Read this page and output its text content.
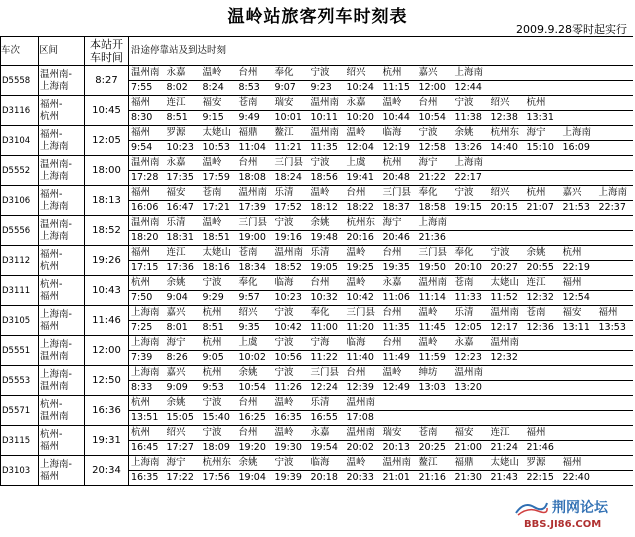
温岭站旅客列车时刻表
2009.9.28零时起实行
车次	区间	本站开
车时间	沿途停靠站及到达时刻													
D5558	温州南-
上海南	8:27	温州南	永嘉	温岭	台州	奉化	宁波	绍兴	杭州	嘉兴	上海南				
			7:55	8:02	8:24	8:53	9:07	9:23	10:24	11:15	12:00	12:44				
D3116	福州-
杭州	10:45	福州	连江	福安	苍南	瑞安	温州南	永嘉	温岭	台州	宁波	绍兴	杭州		
			8:30	8:51	9:15	9:49	10:01	10:11	10:20	10:44	10:54	11:38	12:38	13:31		
D3104	福州-
上海南	12:05	福州	罗源	太姥山	福鼎	鳌江	温州南	温岭	临海	宁波	余姚	杭州东	海宁	上海南	
			9:54	10:23	10:53	11:04	11:21	11:35	12:04	12:19	12:58	13:26	14:40	15:10	16:09	
D5552	温州南-
上海南	18:00	温州南	永嘉	温岭	台州	三门县	宁波	上虞	杭州	海宁	上海南				
			17:28	17:35	17:59	18:08	18:24	18:56	19:41	20:48	21:22	22:17				
D3106	福州-
上海南	18:13	福州	福安	苍南	温州南	乐清	温岭	台州	三门县	奉化	宁波	绍兴	杭州	嘉兴	上海南
			16:06	16:47	17:21	17:39	17:52	18:12	18:22	18:37	18:58	19:15	20:15	21:07	21:53	22:37
D5556	温州南-
上海南	18:52	温州南	乐清	温岭	三门县	宁波	余姚	杭州东	海宁	上海南					
			18:20	18:31	18:51	19:00	19:16	19:48	20:16	20:46	21:36					
D3112	福州-
杭州	19:26	福州	连江	太姥山	苍南	温州南	乐清	温岭	台州	三门县	奉化	宁波	余姚	杭州	
			17:15	17:36	18:16	18:34	18:52	19:05	19:25	19:35	19:50	20:10	20:27	20:55	22:19	
D3111	杭州-
福州	10:43	杭州	余姚	宁波	奉化	临海	台州	温岭	永嘉	温州南	苍南	太姥山	连江	福州	
			7:50	9:04	9:29	9:57	10:23	10:32	10:42	11:06	11:14	11:33	11:52	12:32	12:54	
D3105	上海南-
福州	11:46	上海南	嘉兴	杭州	绍兴	宁波	奉化	三门县	台州	温岭	乐清	温州南	苍南	福安	福州
			7:25	8:01	8:51	9:35	10:42	11:00	11:20	11:35	11:45	12:05	12:17	12:36	13:11	13:53
D5551	上海南-
温州南	12:00	上海南	海宁	杭州	上虞	宁波	宁海	临海	台州	温岭	永嘉	温州南			
			7:39	8:26	9:05	10:02	10:56	11:22	11:40	11:49	11:59	12:23	12:32			
D5553	上海南-
温州南	12:50	上海南	嘉兴	杭州	余姚	宁波	三门县	台州	温岭	绅坊	温州南				
			8:33	9:09	9:53	10:54	11:26	12:24	12:39	12:49	13:03	13:20				
D5571	杭州-
温州南	16:36	杭州	余姚	宁波	台州	温岭	乐清	温州南							
			13:51	15:05	15:40	16:25	16:35	16:55	17:08							
D3115	杭州-
福州	19:31	杭州	绍兴	宁波	台州	温岭	永嘉	温州南	瑞安	苍南	福安	连江	福州		
			16:45	17:27	18:09	19:20	19:30	19:54	20:02	20:13	20:25	21:00	21:24	21:46		
D3103	上海南-
福州	20:34	上海南	海宁	杭州东	余姚	宁波	临海	温岭	温州南	鳌江	福鼎	太姥山	罗源	福州	
			16:35	17:22	17:56	19:04	19:39	20:18	20:33	21:01	21:16	21:30	21:43	22:15	22:40	
荆网论坛
BBS.JI86.COM
